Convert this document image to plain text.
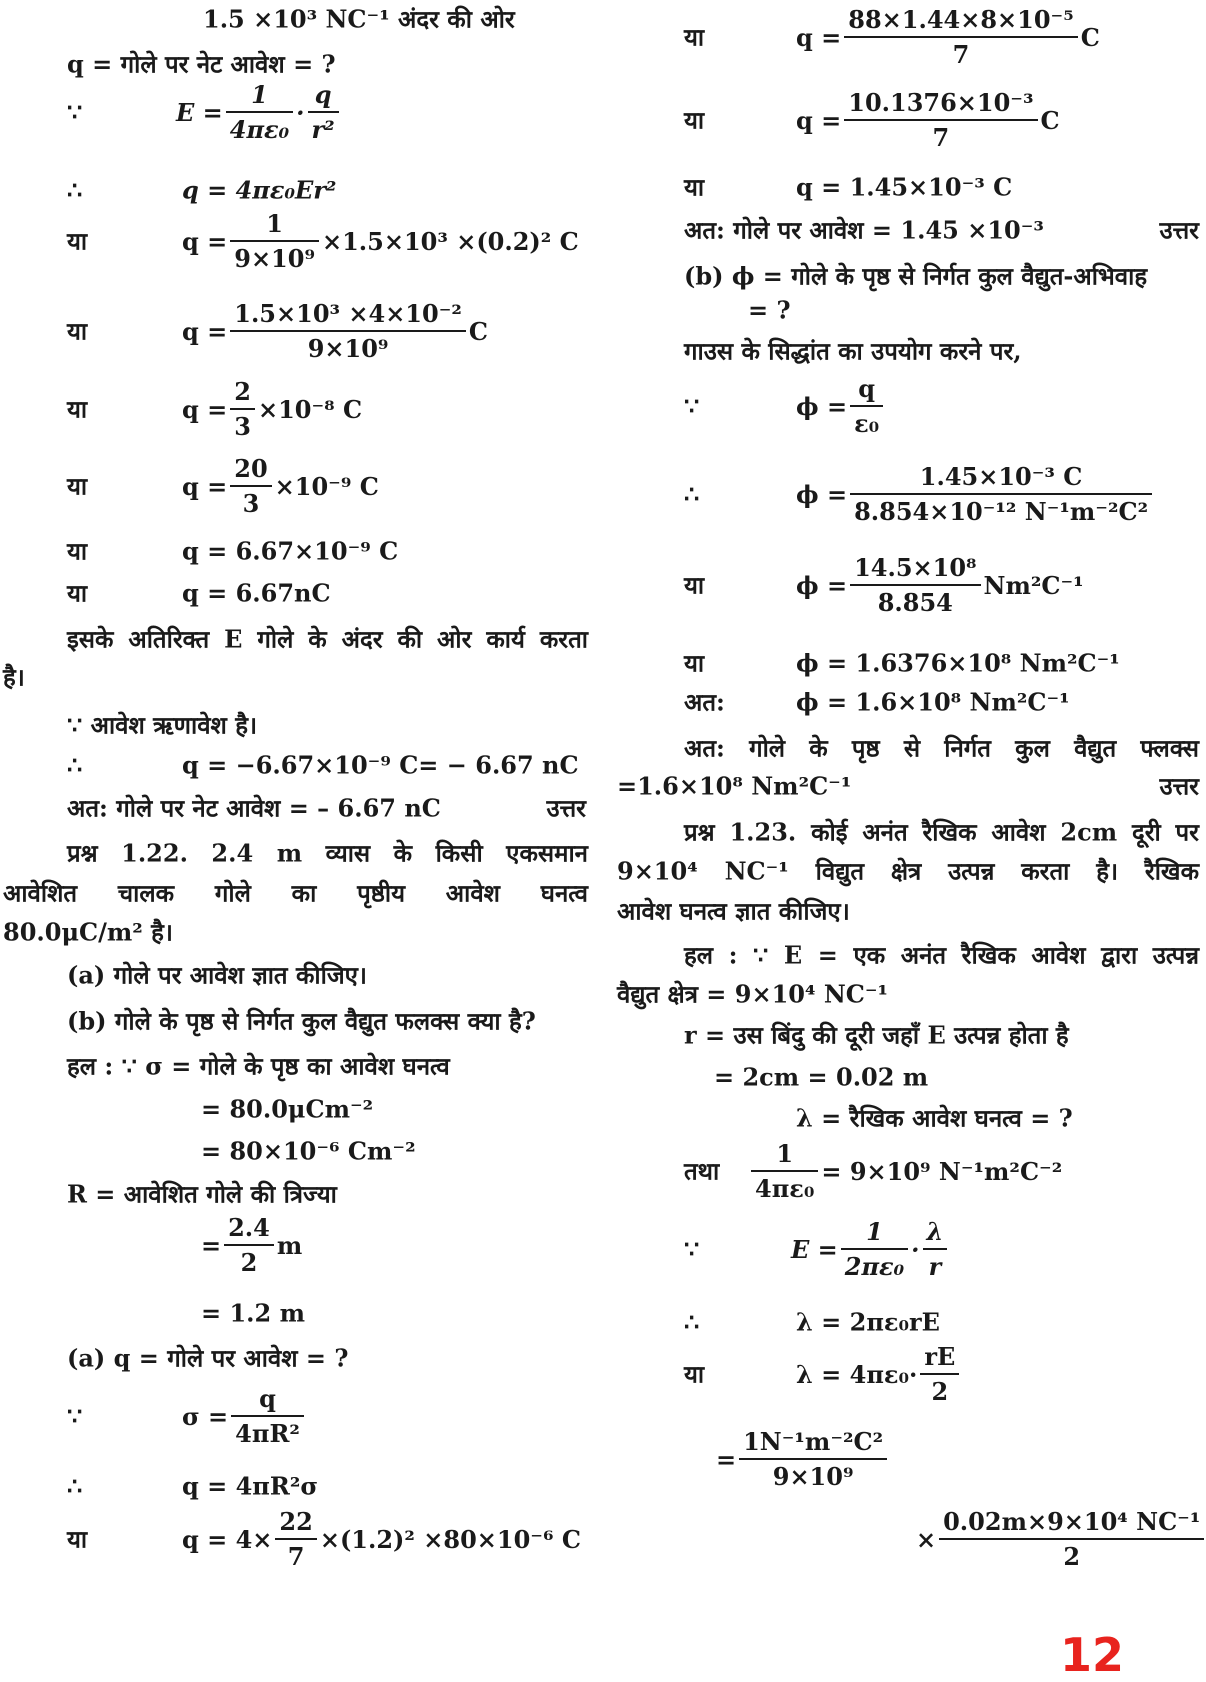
1.5 ×10³ NC⁻¹ अंदर की ओर
q = गोले पर नेट आवेश = ?
∵	$E = \frac{1}{\text{4πε₀}} \cdot \frac{q}{\text{r²}}$
∴	q = 4πε₀Er²
या	$q = \frac{1}{\text{9×10⁹}} \times 1.5\times 10^3 \times(0.2)^2$ C
या	$q = \frac{\text{1.5×10³ ×4×10⁻²}}{\text{9×10⁹}}$ C
या	$q = \frac{2}{3} \times 10^{-8}$ C
या	$q = \frac{20}{3} \times 10^{-9}$ C
या	q = 6.67×10⁻⁹ C
या	q = 6.67nC
इसके अतिरिक्त E गोले के अंदर की ओर कार्य करता
है।
∵ आवेश ऋणावेश है।
∴	q = −6.67×10⁻⁹ C= − 6.67 nC
अत: गोले पर नेट आवेश = – 6.67 nC	उत्तर
प्रश्न 1.22. 2.4 m व्यास के किसी एकसमान
आवेशित चालक गोले का पृष्ठीय आवेश घनत्व
80.0μC/m² है।
(a) गोले पर आवेश ज्ञात कीजिए।
(b) गोले के पृष्ठ से निर्गत कुल वैद्युत फलक्स क्या है?
हल : ∵ σ = गोले के पृष्ठ का आवेश घनत्व
= 80.0μCm⁻²
= 80×10⁻⁶ Cm⁻²
R = आवेशित गोले की त्रिज्या
= $\frac{2.4}{2}$ m
= 1.2 m
(a) q = गोले पर आवेश = ?
∵	$\sigma = \frac{q}{\text{4πR²}}$
∴	q = 4πR²σ
या	$q = 4\times \frac{22}{7} \times(1.2)^2 \times 80\times 10^{-6}$ C
या	$q = \frac{\text{88×1.44×8×10⁻⁵}}{7}$ C
या	$q = \frac{\text{10.1376×10⁻³}}{7}$ C
या	q = 1.45×10⁻³ C
अत: गोले पर आवेश = 1.45 ×10⁻³	उत्तर
(b) ϕ = गोले के पृष्ठ से निर्गत कुल वैद्युत-अभिवाह
= ?
गाउस के सिद्धांत का उपयोग करने पर,
∵	$\phi = \frac{q}{\text{ε₀}}$
∴	$\phi = \frac{\text{1.45×10⁻³ C}}{\text{8.854×10⁻¹² N⁻¹m⁻²C²}}$
या	$\phi = \frac{\text{14.5×10⁸}}{8.854} Nm^2C^{-1}$
या	ϕ = 1.6376×10⁸ Nm²C⁻¹
अत:	ϕ = 1.6×10⁸ Nm²C⁻¹
अत: गोले के पृष्ठ से निर्गत कुल वैद्युत फ्लक्स
=1.6×10⁸ Nm²C⁻¹	उत्तर
प्रश्न 1.23. कोई अनंत रैखिक आवेश 2cm दूरी पर
9×10⁴ NC⁻¹ विद्युत क्षेत्र उत्पन्न करता है। रैखिक
आवेश घनत्व ज्ञात कीजिए।
हल : ∵ E = एक अनंत रैखिक आवेश द्वारा उत्पन्न
वैद्युत क्षेत्र = 9×10⁴ NC⁻¹
r = उस बिंदु की दूरी जहाँ E उत्पन्न होता है
= 2cm = 0.02 m
λ = रैखिक आवेश घनत्व = ?
तथा $\frac{1}{\text{4πε₀}} = 9\times 10^9$ N⁻¹m²C⁻²
∵	$E = \frac{1}{\text{2πε₀}} \cdot \frac{\lambda}{r}$
∴	λ = 2πε₀rE
या	$\lambda = 4\pi\varepsilon_0\cdot \frac{rE}{2}$
= $\frac{\text{1N⁻¹m⁻²C²}}{\text{9×10⁹}}$
× $\frac{\text{0.02m×9×10⁴ NC⁻¹}}{2}$
12
